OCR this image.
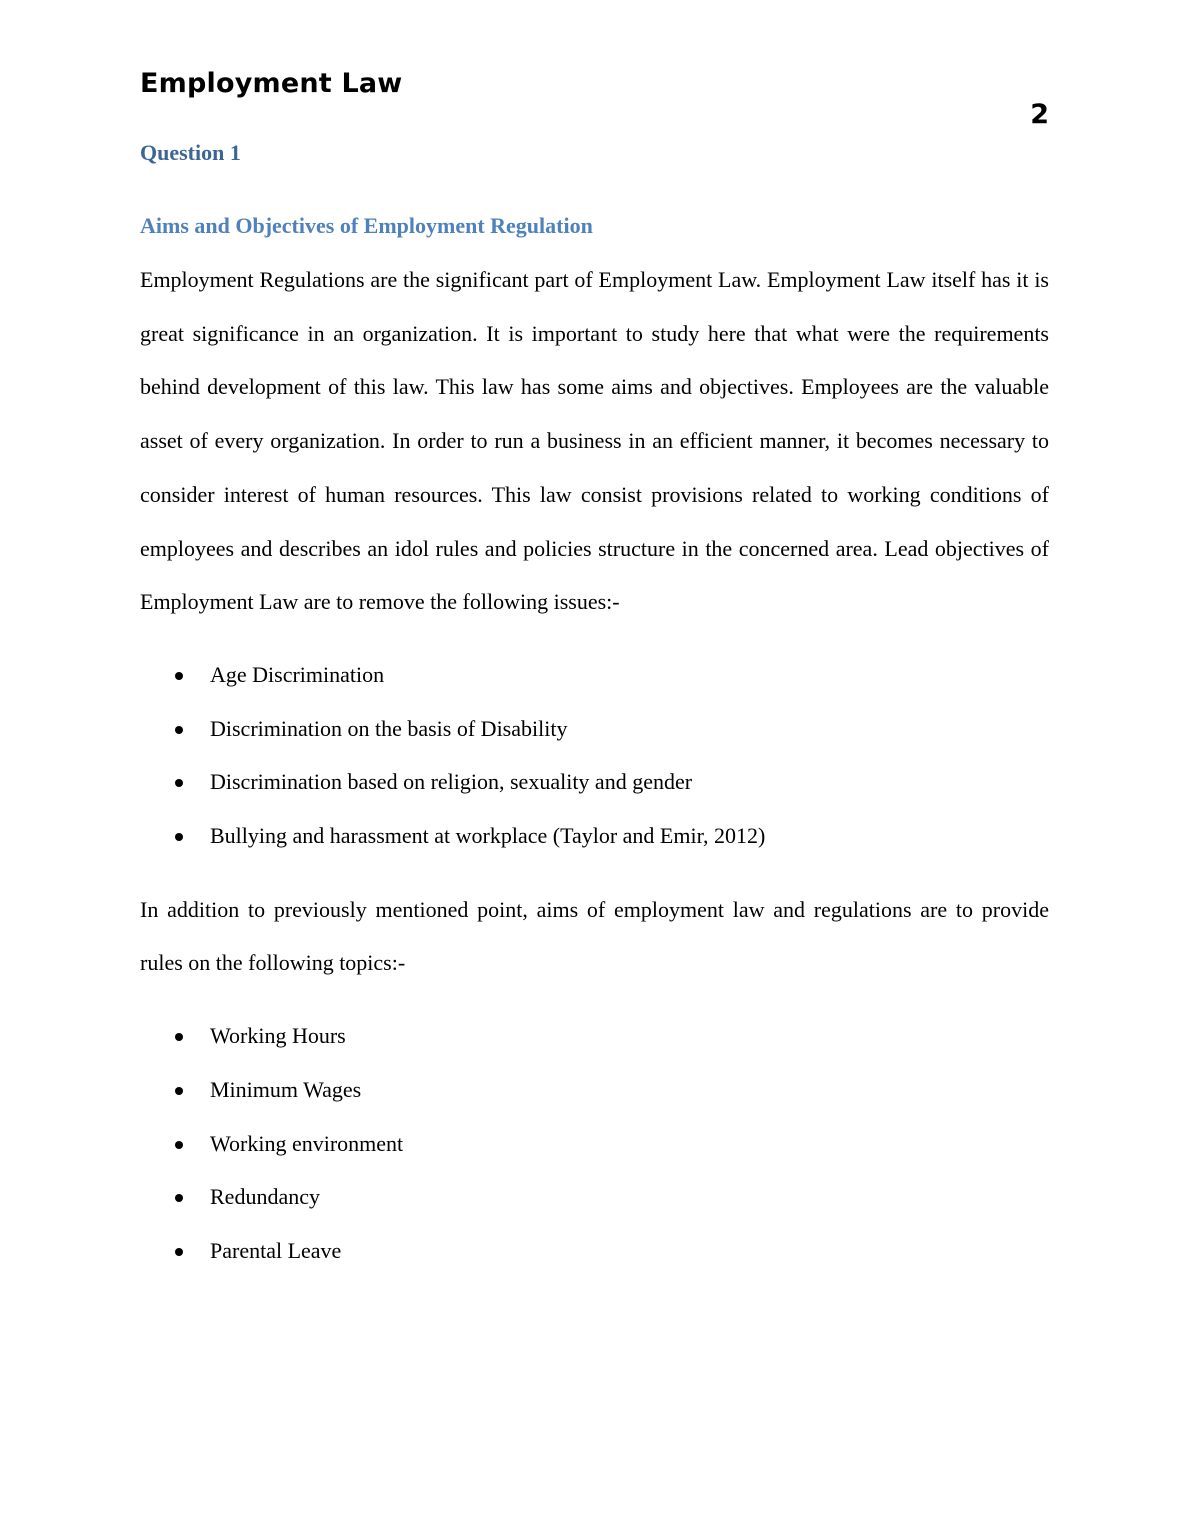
Employment Law
2
Question 1
Aims and Objectives of Employment Regulation

Employment Regulations are the significant part of Employment Law. Employment Law itself has it is great significance in an organization. It is important to study here that what were the requirements behind development of this law. This law has some aims and objectives. Employees are the valuable asset of every organization. In order to run a business in an efficient manner, it becomes necessary to consider interest of human resources. This law consist provisions related to working conditions of employees and describes an idol rules and policies structure in the concerned area. Lead objectives of Employment Law are to remove the following issues:-

Age Discrimination
Discrimination on the basis of Disability
Discrimination based on religion, sexuality and gender
Bullying and harassment at workplace (Taylor and Emir, 2012)

In addition to previously mentioned point, aims of employment law and regulations are to provide rules on the following topics:-

Working Hours
Minimum Wages
Working environment
Redundancy
Parental Leave
